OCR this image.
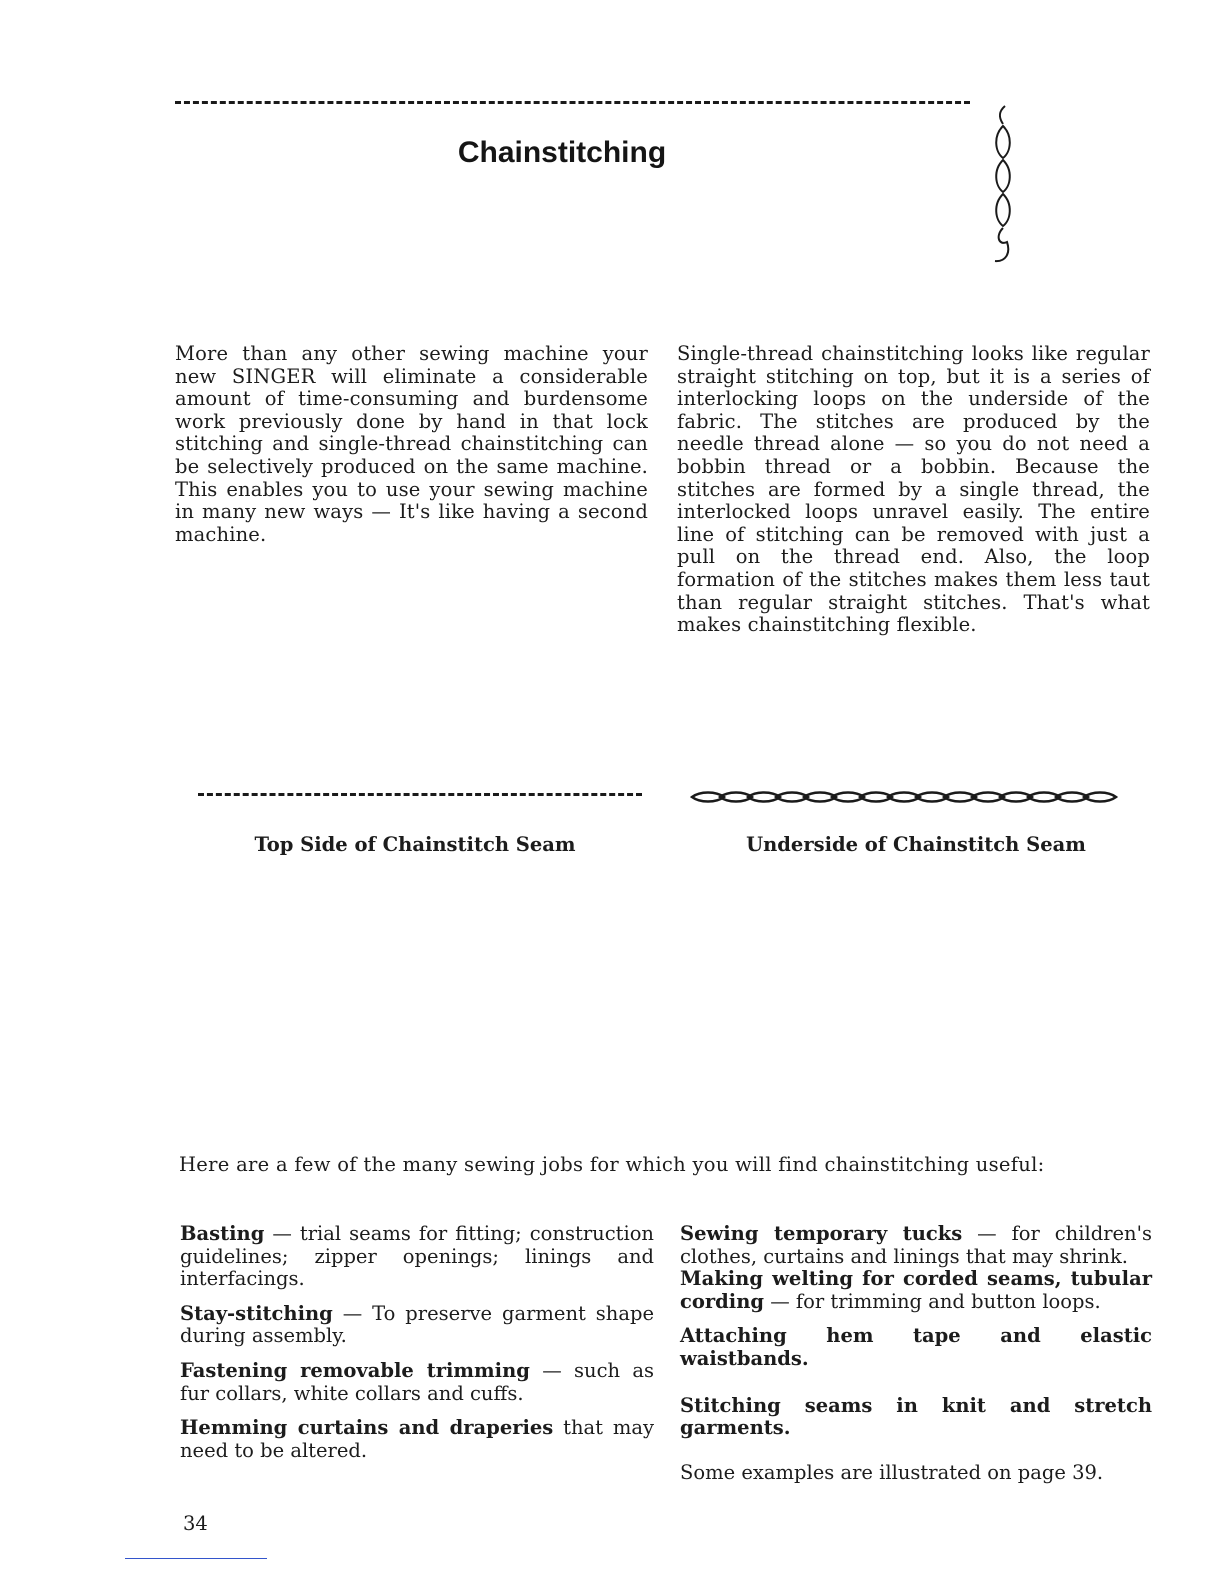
Chainstitching
More than any other sewing machine your new SINGER will eliminate a considerable amount of time-consuming and burdensome work previously done by hand in that lock stitching and single-thread chainstitching can be selectively produced on the same machine. This enables you to use your sewing machine in many new ways — It's like having a second machine.
Single-thread chainstitching looks like regular straight stitching on top, but it is a series of interlocking loops on the underside of the fabric. The stitches are produced by the needle thread alone — so you do not need a bobbin thread or a bobbin. Because the stitches are formed by a single thread, the interlocked loops unravel easily. The entire line of stitching can be removed with just a pull on the thread end. Also, the loop formation of the stitches makes them less taut than regular straight stitches. That's what makes chainstitching flexible.
Top Side of Chainstitch Seam	Underside of Chainstitch Seam
Here are a few of the many sewing jobs for which you will find chainstitching useful:

Basting — trial seams for fitting; construction guidelines; zipper openings; linings and interfacings.

Stay-stitching — To preserve garment shape during assembly.

Fastening removable trimming — such as fur collars, white collars and cuffs.

Hemming curtains and draperies that may need to be altered.

Sewing temporary tucks — for children's clothes, curtains and linings that may shrink.

Making welting for corded seams, tubular cording — for trimming and button loops.

Attaching hem tape and elastic waistbands.

Stitching seams in knit and stretch garments.

Some examples are illustrated on page 39.

34
